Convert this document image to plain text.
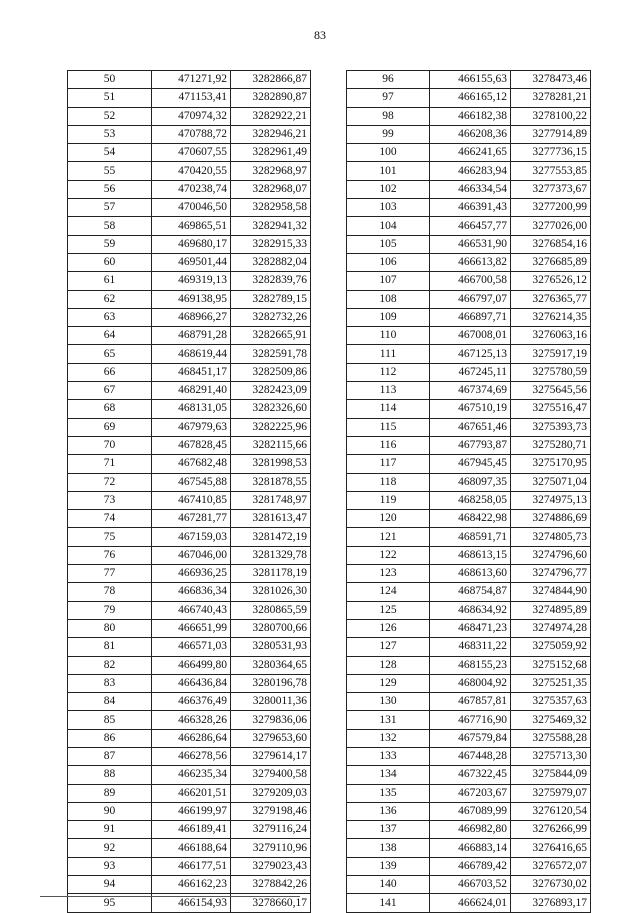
83
50	471271,92	3282866,87
51	471153,41	3282890,87
52	470974,32	3282922,21
53	470788,72	3282946,21
54	470607,55	3282961,49
55	470420,55	3282968,97
56	470238,74	3282968,07
57	470046,50	3282958,58
58	469865,51	3282941,32
59	469680,17	3282915,33
60	469501,44	3282882,04
61	469319,13	3282839,76
62	469138,95	3282789,15
63	468966,27	3282732,26
64	468791,28	3282665,91
65	468619,44	3282591,78
66	468451,17	3282509,86
67	468291,40	3282423,09
68	468131,05	3282326,60
69	467979,63	3282225,96
70	467828,45	3282115,66
71	467682,48	3281998,53
72	467545,88	3281878,55
73	467410,85	3281748,97
74	467281,77	3281613,47
75	467159,03	3281472,19
76	467046,00	3281329,78
77	466936,25	3281178,19
78	466836,34	3281026,30
79	466740,43	3280865,59
80	466651,99	3280700,66
81	466571,03	3280531,93
82	466499,80	3280364,65
83	466436,84	3280196,78
84	466376,49	3280011,36
85	466328,26	3279836,06
86	466286,64	3279653,60
87	466278,56	3279614,17
88	466235,34	3279400,58
89	466201,51	3279209,03
90	466199,97	3279198,46
91	466189,41	3279116,24
92	466188,64	3279110,96
93	466177,51	3279023,43
94	466162,23	3278842,26
95	466154,93	3278660,17
96	466155,63	3278473,46
97	466165,12	3278281,21
98	466182,38	3278100,22
99	466208,36	3277914,89
100	466241,65	3277736,15
101	466283,94	3277553,85
102	466334,54	3277373,67
103	466391,43	3277200,99
104	466457,77	3277026,00
105	466531,90	3276854,16
106	466613,82	3276685,89
107	466700,58	3276526,12
108	466797,07	3276365,77
109	466897,71	3276214,35
110	467008,01	3276063,16
111	467125,13	3275917,19
112	467245,11	3275780,59
113	467374,69	3275645,56
114	467510,19	3275516,47
115	467651,46	3275393,73
116	467793,87	3275280,71
117	467945,45	3275170,95
118	468097,35	3275071,04
119	468258,05	3274975,13
120	468422,98	3274886,69
121	468591,71	3274805,73
122	468613,15	3274796,60
123	468613,60	3274796,77
124	468754,87	3274844,90
125	468634,92	3274895,89
126	468471,23	3274974,28
127	468311,22	3275059,92
128	468155,23	3275152,68
129	468004,92	3275251,35
130	467857,81	3275357,63
131	467716,90	3275469,32
132	467579,84	3275588,28
133	467448,28	3275713,30
134	467322,45	3275844,09
135	467203,67	3275979,07
136	467089,99	3276120,54
137	466982,80	3276266,99
138	466883,14	3276416,65
139	466789,42	3276572,07
140	466703,52	3276730,02
141	466624,01	3276893,17
